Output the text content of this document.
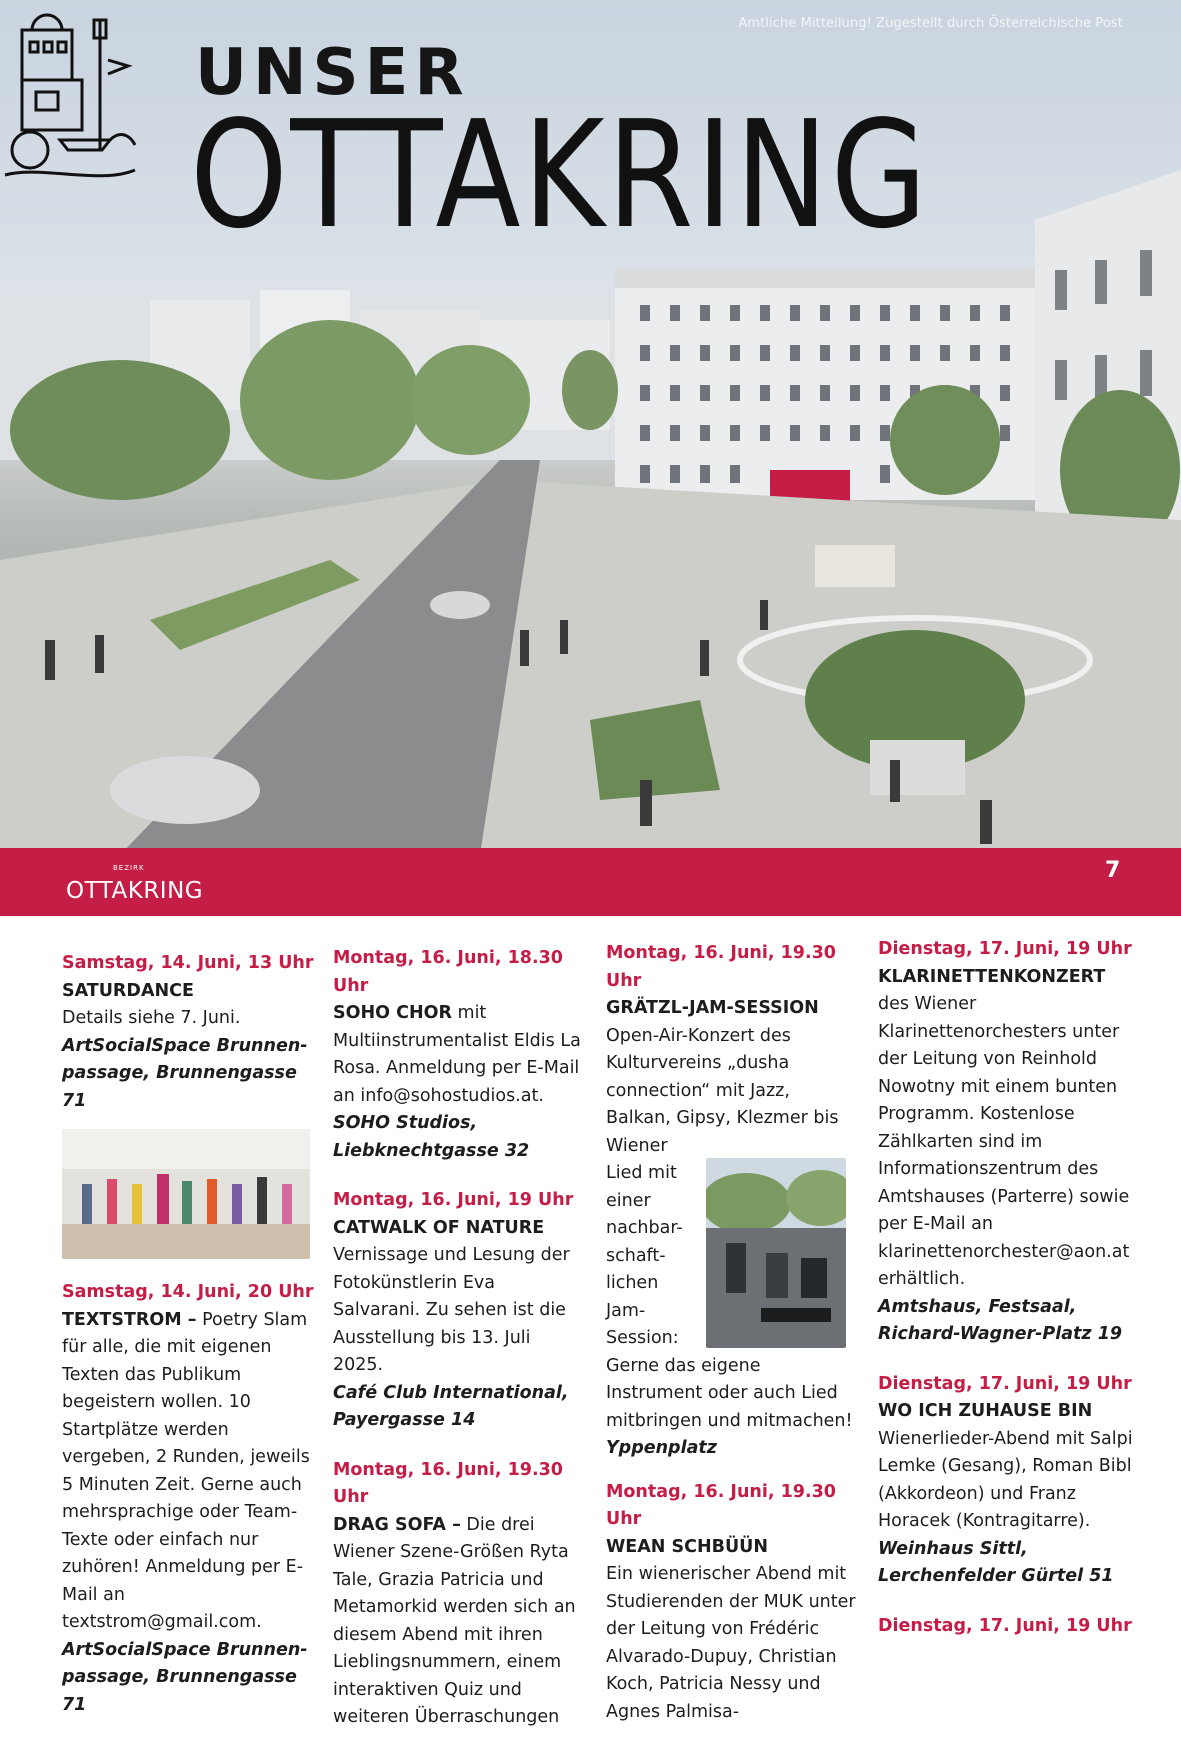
Amtliche Mitteilung! Zugestellt durch Österreichische Post
UNSER
OTTAKRING
BEZIRK
OTTAKRING
7
Samstag, 14. Juni, 13 Uhr
SATURDANCE
Details siehe 7. Juni.
ArtSocialSpace Brunnen-passage, Brunnengasse 71
Samstag, 14. Juni, 20 Uhr
TEXTSTROM – Poetry Slam für alle, die mit eigenen Texten das Publikum begeistern wollen. 10 Startplätze werden vergeben, 2 Runden, jeweils 5 Minuten Zeit. Gerne auch mehrsprachige oder Team-Texte oder einfach nur zuhören! Anmeldung per E-Mail an textstrom@gmail.com.
ArtSocialSpace Brunnen-passage, Brunnengasse 71
Montag, 16. Juni, 18.30 Uhr
SOHO CHOR mit Multiinstrumentalist Eldis La Rosa. Anmeldung per E-Mail an info@sohostudios.at.
SOHO Studios, Liebknechtgasse 32
Montag, 16. Juni, 19 Uhr
CATWALK OF NATURE
Vernissage und Lesung der Fotokünstlerin Eva Salvarani. Zu sehen ist die Ausstellung bis 13. Juli 2025.
Café Club International, Payergasse 14
Montag, 16. Juni, 19.30 Uhr
DRAG SOFA – Die drei Wiener Szene-Größen Ryta Tale, Grazia Patricia und Metamorkid werden sich an diesem Abend mit ihren Lieblingsnummern, einem interaktiven Quiz und weiteren Überraschungen
Montag, 16. Juni, 19.30 Uhr
GRÄTZL-JAM-SESSION
Open-Air-Konzert des Kulturvereins „dusha connection“ mit Jazz, Balkan, Gipsy, Klezmer bis Wiener
Lied mit
einer
nachbar-
schaft-
lichen
Jam-
Session:
Gerne das eigene Instrument oder auch Lied mitbringen und mitmachen!
Yppenplatz
Montag, 16. Juni, 19.30 Uhr
WEAN SCHBÜÜN
Ein wienerischer Abend mit Studierenden der MUK unter der Leitung von Frédéric Alvarado-Dupuy, Christian Koch, Patricia Nessy und Agnes Palmisa-
Dienstag, 17. Juni, 19 Uhr
KLARINETTENKONZERT
des Wiener Klarinettenorchesters unter der Leitung von Reinhold Nowotny mit einem bunten Programm. Kostenlose Zählkarten sind im Informationszentrum des Amtshauses (Parterre) sowie per E-Mail an klarinettenorchester@aon.at erhältlich.
Amtshaus, Festsaal, Richard-Wagner-Platz 19
Dienstag, 17. Juni, 19 Uhr
WO ICH ZUHAUSE BIN
Wienerlieder-Abend mit Salpi Lemke (Gesang), Roman Bibl (Akkordeon) und Franz Horacek (Kontragitarre).
Weinhaus Sittl, Lerchenfelder Gürtel 51
Dienstag, 17. Juni, 19 Uhr
